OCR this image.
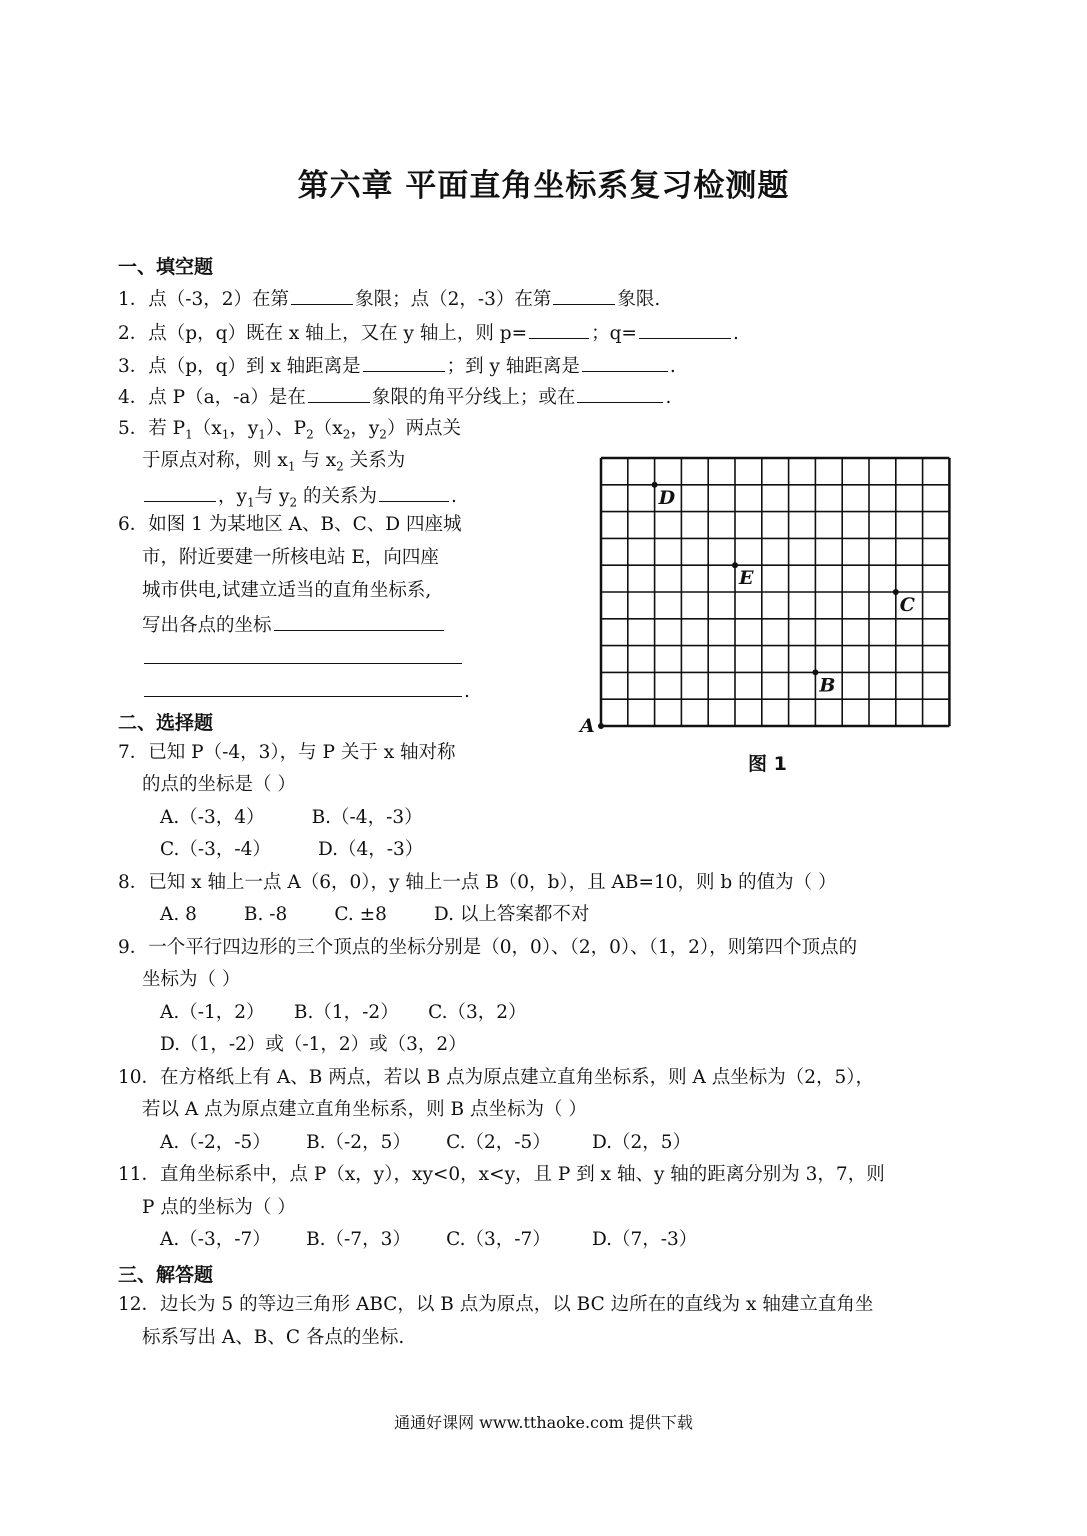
第六章 平面直角坐标系复习检测题
一、填空题
1．点（-3，2）在第	象限；点（2，-3）在第	象限.
2．点（p，q）既在 x 轴上，又在 y 轴上，则 p=	；q=	.
3．点（p，q）到 x 轴距离是	；到 y 轴距离是	.
4．点 P（a，-a）是在	象限的角平分线上；或在	.
5．若 $P_1(x_1$，$y_1$）、$P_2(x_2$，$y_2$）两点关
于原点对称，则 $x_1$ 与 $x_2$ 关系为
，$y_1$与 $y_2$ 的关系为	.
6．如图 1 为某地区 A、B、C、D 四座城
市，附近要建一所核电站 E，向四座
城市供电,试建立适当的直角坐标系,
写出各点的坐标
.
A
B
C
D
E
图 1
二、选择题
7．已知 P（-4，3），与 P 关于 x 轴对称
的点的坐标是（ ）
A.（-3，4）        B.（-4，-3）
C.（-3，-4）        D.（4，-3）
8．已知 x 轴上一点 A（6，0），y 轴上一点 B（0，b），且 AB=10，则 b 的值为（ ）
A. 8        B. -8        C. ±8        D. 以上答案都不对
9．一个平行四边形的三个顶点的坐标分别是（0，0）、（2，0）、（1，2），则第四个顶点的
坐标为（ ）
A.（-1，2）     B.（1，-2）     C.（3，2）
D.（1，-2）或（-1，2）或（3，2）
10．在方格纸上有 A、B 两点，若以 B 点为原点建立直角坐标系，则 A 点坐标为（2，5），
若以 A 点为原点建立直角坐标系，则 B 点坐标为（ ）
A.（-2，-5）      B.（-2，5）      C.（2，-5）       D.（2，5）
11．直角坐标系中，点 P（x，y），xy<0，x<y，且 P 到 x 轴、y 轴的距离分别为 3，7，则
P 点的坐标为（ ）
A.（-3，-7）      B.（-7，3）      C.（3，-7）       D.（7，-3）
三、解答题
12．边长为 5 的等边三角形 ABC，以 B 点为原点，以 BC 边所在的直线为 x 轴建立直角坐
标系写出 A、B、C 各点的坐标.
通通好课网 www.tthaoke.com 提供下载
